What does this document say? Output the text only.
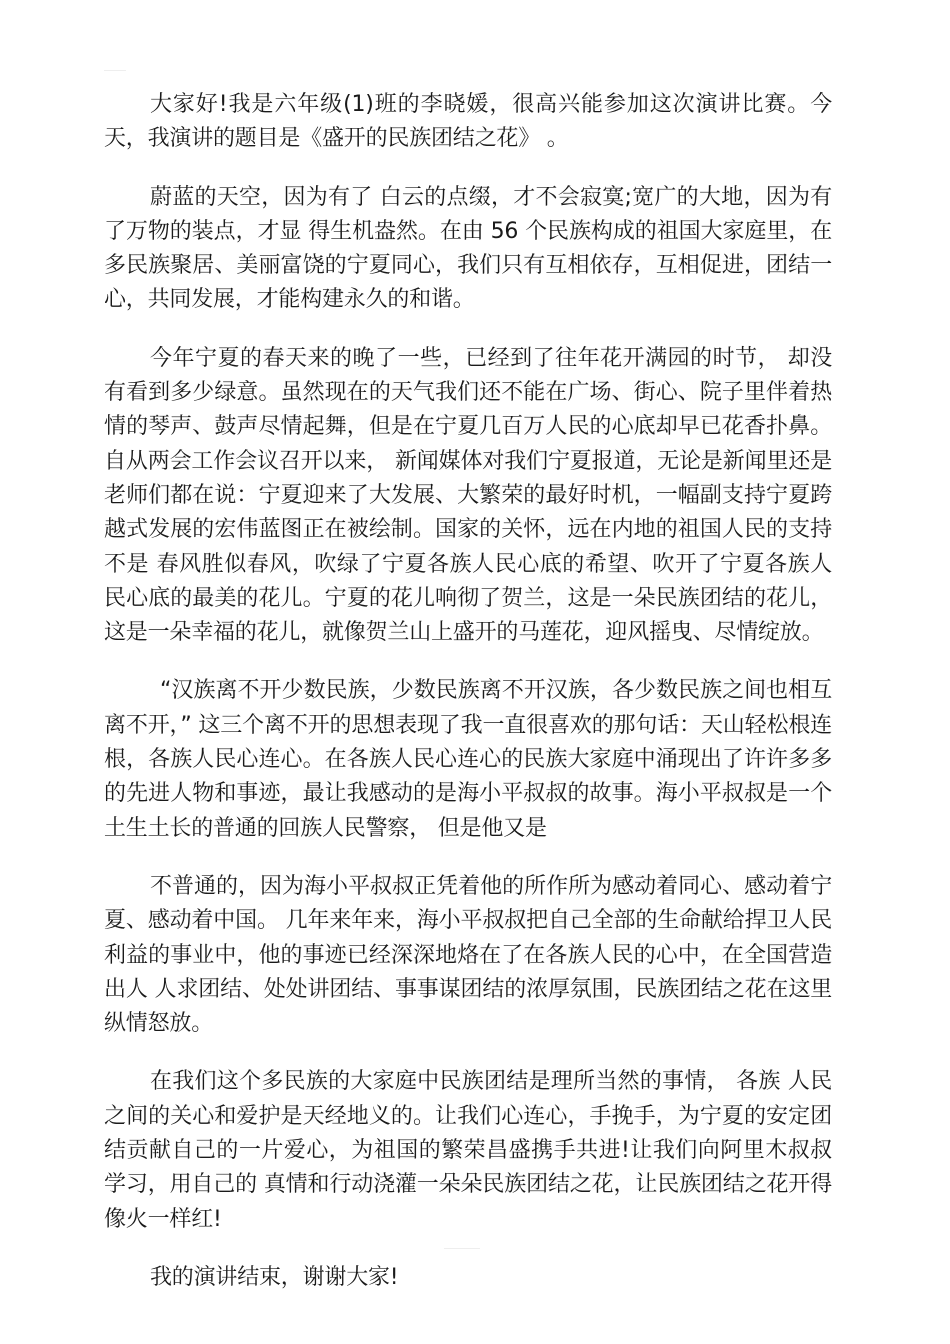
大家好!我是六年级(1)班的李晓媛，很高兴能参加这次演讲比赛。今天，我演讲的题目是《盛开的民族团结之花》 。

蔚蓝的天空，因为有了 白云的点缀，才不会寂寞;宽广的大地，因为有了万物的装点，才显 得生机盎然。在由 56 个民族构成的祖国大家庭里，在多民族聚居、美丽富饶的宁夏同心，我们只有互相依存，互相促进，团结一心，共同发展，才能构建永久的和谐。

今年宁夏的春天来的晚了一些，已经到了往年花开满园的时节， 却没有看到多少绿意。虽然现在的天气我们还不能在广场、街心、院子里伴着热情的琴声、鼓声尽情起舞，但是在宁夏几百万人民的心底却早已花香扑鼻。自从两会工作会议召开以来， 新闻媒体对我们宁夏报道，无论是新闻里还是老师们都在说：宁夏迎来了大发展、大繁荣的最好时机，一幅副支持宁夏跨越式发展的宏伟蓝图正在被绘制。国家的关怀，远在内地的祖国人民的支持不是 春风胜似春风，吹绿了宁夏各族人民心底的希望、吹开了宁夏各族人 民心底的最美的花儿。宁夏的花儿响彻了贺兰，这是一朵民族团结的花儿，这是一朵幸福的花儿，就像贺兰山上盛开的马莲花，迎风摇曳、尽情绽放。

“汉族离不开少数民族，少数民族离不开汉族，各少数民族之间也相互离不开，” 这三个离不开的思想表现了我一直很喜欢的那句话：天山轻松根连根，各族人民心连心。在各族人民心连心的民族大家庭中涌现出了许许多多的先进人物和事迹，最让我感动的是海小平叔叔的故事。海小平叔叔是一个土生土长的普通的回族人民警察， 但是他又是

不普通的，因为海小平叔叔正凭着他的所作所为感动着同心、感动着宁夏、感动着中国。 几年来年来，海小平叔叔把自己全部的生命献给捍卫人民利益的事业中，他的事迹已经深深地烙在了在各族人民的心中，在全国营造出人 人求团结、处处讲团结、事事谋团结的浓厚氛围，民族团结之花在这里纵情怒放。

在我们这个多民族的大家庭中民族团结是理所当然的事情， 各族 人民之间的关心和爱护是天经地义的。让我们心连心，手挽手，为宁夏的安定团结贡献自己的一片爱心，为祖国的繁荣昌盛携手共进!让我们向阿里木叔叔学习，用自己的 真情和行动浇灌一朵朵民族团结之花，让民族团结之花开得像火一样红!

我的演讲结束，谢谢大家!
